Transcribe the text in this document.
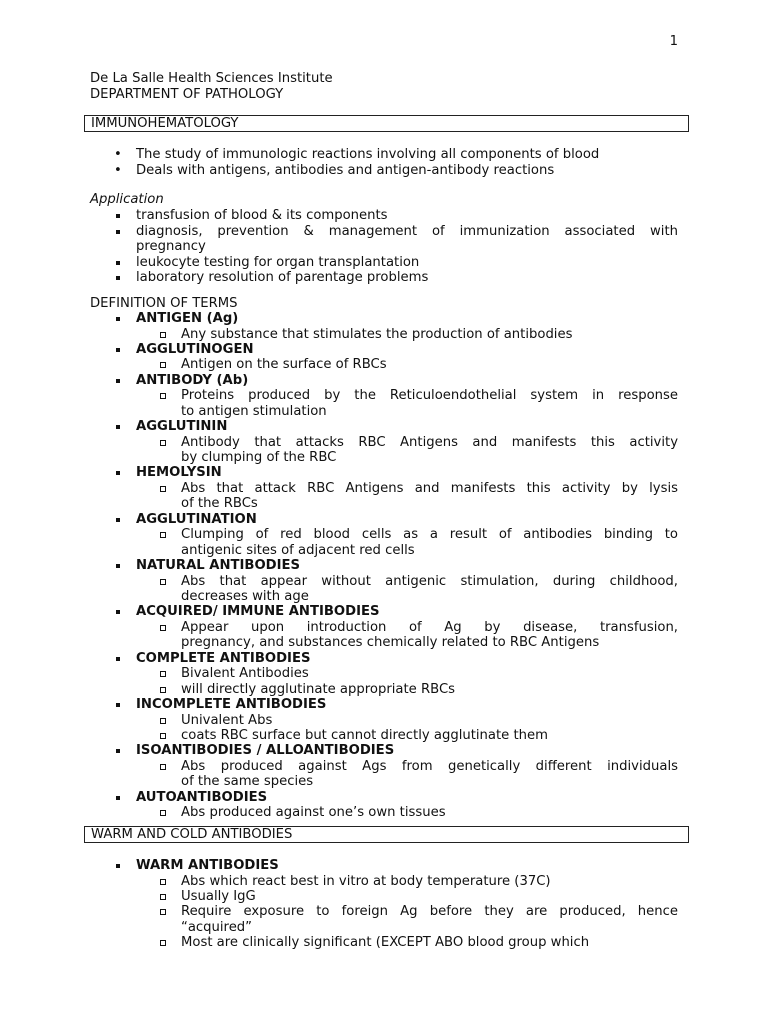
1
De La Salle Health Sciences Institute
DEPARTMENT OF PATHOLOGY
IMMUNOHEMATOLOGY
• The study of immunologic reactions involving all components of blood
• Deals with antigens, antibodies and antigen-antibody reactions
Application
transfusion of blood & its components
diagnosis, prevention & management of immunization associated with
pregnancy
leukocyte testing for organ transplantation
laboratory resolution of parentage problems
DEFINITION OF TERMS
ANTIGEN (Ag)
Any substance that stimulates the production of antibodies
AGGLUTINOGEN
Antigen on the surface of RBCs
ANTIBODY (Ab)
Proteins produced by the Reticuloendothelial system in response
to antigen stimulation
AGGLUTININ
Antibody that attacks RBC Antigens and manifests this activity
by clumping of the RBC
HEMOLYSIN
Abs that attack RBC Antigens and manifests this activity by lysis
of the RBCs
AGGLUTINATION
Clumping of red blood cells as a result of antibodies binding to
antigenic sites of adjacent red cells
NATURAL ANTIBODIES
Abs that appear without antigenic stimulation, during childhood,
decreases with age
ACQUIRED/ IMMUNE ANTIBODIES
Appear upon introduction of Ag by disease, transfusion,
pregnancy, and substances chemically related to RBC Antigens
COMPLETE ANTIBODIES
Bivalent Antibodies
will directly agglutinate appropriate RBCs
INCOMPLETE ANTIBODIES
Univalent Abs
coats RBC surface but cannot directly agglutinate them
ISOANTIBODIES / ALLOANTIBODIES
Abs produced against Ags from genetically different individuals
of the same species
AUTOANTIBODIES
Abs produced against one’s own tissues
WARM AND COLD ANTIBODIES
WARM ANTIBODIES
Abs which react best in vitro at body temperature (37C)
Usually IgG
Require exposure to foreign Ag before they are produced, hence
“acquired”
Most are clinically significant (EXCEPT ABO blood group which
